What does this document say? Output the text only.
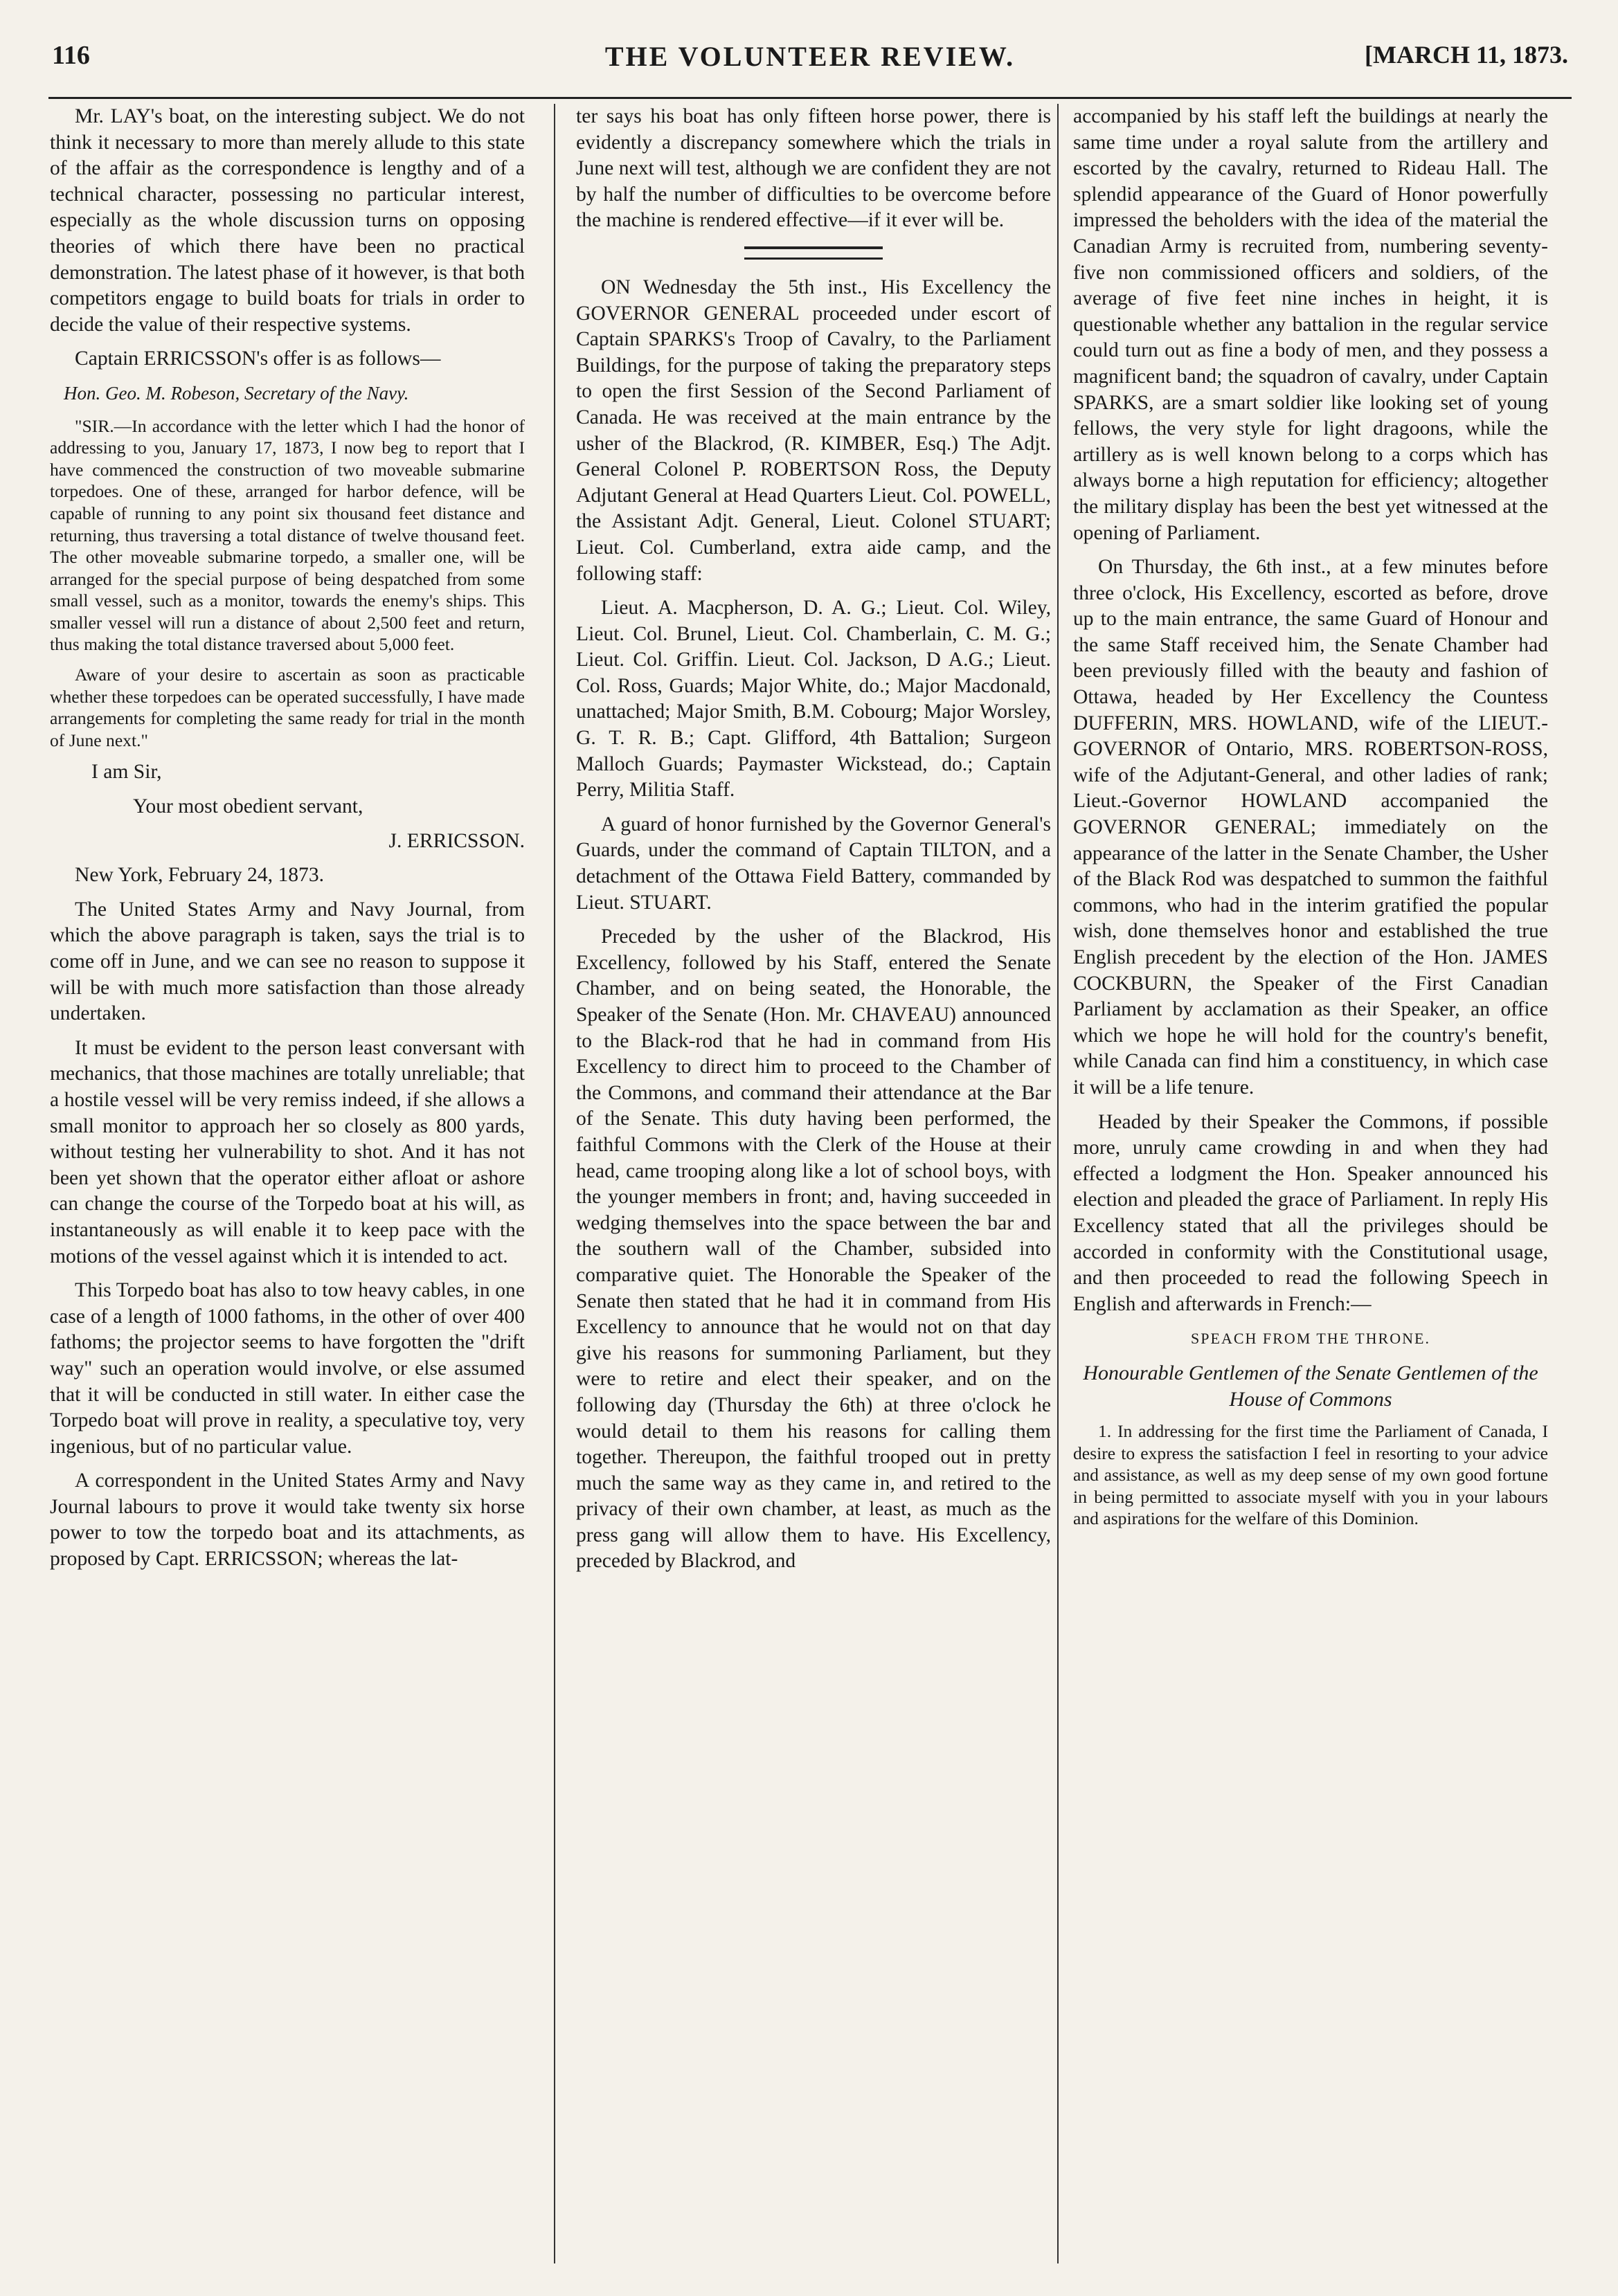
116	THE VOLUNTEER REVIEW.	[MARCH 11, 1873.

Mr. LAY's boat, on the interesting subject. We do not think it necessary to more than merely allude to this state of the affair as the correspondence is lengthy and of a technical character, possessing no particular interest, especially as the whole discussion turns on opposing theories of which there have been no practical demonstration. The latest phase of it however, is that both competitors engage to build boats for trials in order to decide the value of their respective systems.

Captain ERRICSSON's offer is as follows—

Hon. Geo. M. Robeson, Secretary of the Navy.

"SIR.—In accordance with the letter which I had the honor of addressing to you, January 17, 1873, I now beg to report that I have commenced the construction of two moveable submarine torpedoes. One of these, arranged for harbor defence, will be capable of running to any point six thousand feet distance and returning, thus traversing a total distance of twelve thousand feet. The other moveable submarine torpedo, a smaller one, will be arranged for the special purpose of being despatched from some small vessel, such as a monitor, towards the enemy's ships. This smaller vessel will run a distance of about 2,500 feet and return, thus making the total distance traversed about 5,000 feet.

Aware of your desire to ascertain as soon as practicable whether these torpedoes can be operated successfully, I have made arrangements for completing the same ready for trial in the month of June next."

I am Sir,

Your most obedient servant,

J. ERRICSSON.

New York, February 24, 1873.

The United States Army and Navy Journal, from which the above paragraph is taken, says the trial is to come off in June, and we can see no reason to suppose it will be with much more satisfaction than those already undertaken.

It must be evident to the person least conversant with mechanics, that those machines are totally unreliable; that a hostile vessel will be very remiss indeed, if she allows a small monitor to approach her so closely as 800 yards, without testing her vulnerability to shot. And it has not been yet shown that the operator either afloat or ashore can change the course of the Torpedo boat at his will, as instantaneously as will enable it to keep pace with the motions of the vessel against which it is intended to act.

This Torpedo boat has also to tow heavy cables, in one case of a length of 1000 fathoms, in the other of over 400 fathoms; the projector seems to have forgotten the "drift way" such an operation would involve, or else assumed that it will be conducted in still water. In either case the Torpedo boat will prove in reality, a speculative toy, very ingenious, but of no particular value.

A correspondent in the United States Army and Navy Journal labours to prove it would take twenty six horse power to tow the torpedo boat and its attachments, as proposed by Capt. ERRICSSON; whereas the lat-

ter says his boat has only fifteen horse power, there is evidently a discrepancy somewhere which the trials in June next will test, although we are confident they are not by half the number of difficulties to be overcome before the machine is rendered effective—if it ever will be.

ON Wednesday the 5th inst., His Excellency the GOVERNOR GENERAL proceeded under escort of Captain SPARKS's Troop of Cavalry, to the Parliament Buildings, for the purpose of taking the preparatory steps to open the first Session of the Second Parliament of Canada. He was received at the main entrance by the usher of the Blackrod, (R. KIMBER, Esq.) The Adjt. General Colonel P. ROBERTSON Ross, the Deputy Adjutant General at Head Quarters Lieut. Col. POWELL, the Assistant Adjt. General, Lieut. Colonel STUART; Lieut. Col. Cumberland, extra aide camp, and the following staff:

Lieut. A. Macpherson, D. A. G.; Lieut. Col. Wiley, Lieut. Col. Brunel, Lieut. Col. Chamberlain, C. M. G.; Lieut. Col. Griffin. Lieut. Col. Jackson, D A.G.; Lieut. Col. Ross, Guards; Major White, do.; Major Macdonald, unattached; Major Smith, B.M. Cobourg; Major Worsley, G. T. R. B.; Capt. Glifford, 4th Battalion; Surgeon Malloch Guards; Paymaster Wickstead, do.; Captain Perry, Militia Staff.

A guard of honor furnished by the Governor General's Guards, under the command of Captain TILTON, and a detachment of the Ottawa Field Battery, commanded by Lieut. STUART.

Preceded by the usher of the Blackrod, His Excellency, followed by his Staff, entered the Senate Chamber, and on being seated, the Honorable, the Speaker of the Senate (Hon. Mr. CHAVEAU) announced to the Black-rod that he had in command from His Excellency to direct him to proceed to the Chamber of the Commons, and command their attendance at the Bar of the Senate. This duty having been performed, the faithful Commons with the Clerk of the House at their head, came trooping along like a lot of school boys, with the younger members in front; and, having succeeded in wedging themselves into the space between the bar and the southern wall of the Chamber, subsided into comparative quiet. The Honorable the Speaker of the Senate then stated that he had it in command from His Excellency to announce that he would not on that day give his reasons for summoning Parliament, but they were to retire and elect their speaker, and on the following day (Thursday the 6th) at three o'clock he would detail to them his reasons for calling them together. Thereupon, the faithful trooped out in pretty much the same way as they came in, and retired to the privacy of their own chamber, at least, as much as the press gang will allow them to have. His Excellency, preceded by Blackrod, and

accompanied by his staff left the buildings at nearly the same time under a royal salute from the artillery and escorted by the cavalry, returned to Rideau Hall. The splendid appearance of the Guard of Honor powerfully impressed the beholders with the idea of the material the Canadian Army is recruited from, numbering seventy-five non commissioned officers and soldiers, of the average of five feet nine inches in height, it is questionable whether any battalion in the regular service could turn out as fine a body of men, and they possess a magnificent band; the squadron of cavalry, under Captain SPARKS, are a smart soldier like looking set of young fellows, the very style for light dragoons, while the artillery as is well known belong to a corps which has always borne a high reputation for efficiency; altogether the military display has been the best yet witnessed at the opening of Parliament.

On Thursday, the 6th inst., at a few minutes before three o'clock, His Excellency, escorted as before, drove up to the main entrance, the same Guard of Honour and the same Staff received him, the Senate Chamber had been previously filled with the beauty and fashion of Ottawa, headed by Her Excellency the Countess DUFFERIN, MRS. HOWLAND, wife of the LIEUT.-GOVERNOR of Ontario, MRS. ROBERTSON-ROSS, wife of the Adjutant-General, and other ladies of rank; Lieut.-Governor HOWLAND accompanied the GOVERNOR GENERAL; immediately on the appearance of the latter in the Senate Chamber, the Usher of the Black Rod was despatched to summon the faithful commons, who had in the interim gratified the popular wish, done themselves honor and established the true English precedent by the election of the Hon. JAMES COCKBURN, the Speaker of the First Canadian Parliament by acclamation as their Speaker, an office which we hope he will hold for the country's benefit, while Canada can find him a constituency, in which case it will be a life tenure.

Headed by their Speaker the Commons, if possible more, unruly came crowding in and when they had effected a lodgment the Hon. Speaker announced his election and pleaded the grace of Parliament. In reply His Excellency stated that all the privileges should be accorded in conformity with the Constitutional usage, and then proceeded to read the following Speech in English and afterwards in French:—

SPEACH FROM THE THRONE.

Honourable Gentlemen of the Senate Gentlemen of the House of Commons

1. In addressing for the first time the Parliament of Canada, I desire to express the satisfaction I feel in resorting to your advice and assistance, as well as my deep sense of my own good fortune in being permitted to associate myself with you in your labours and aspirations for the welfare of this Dominion.
